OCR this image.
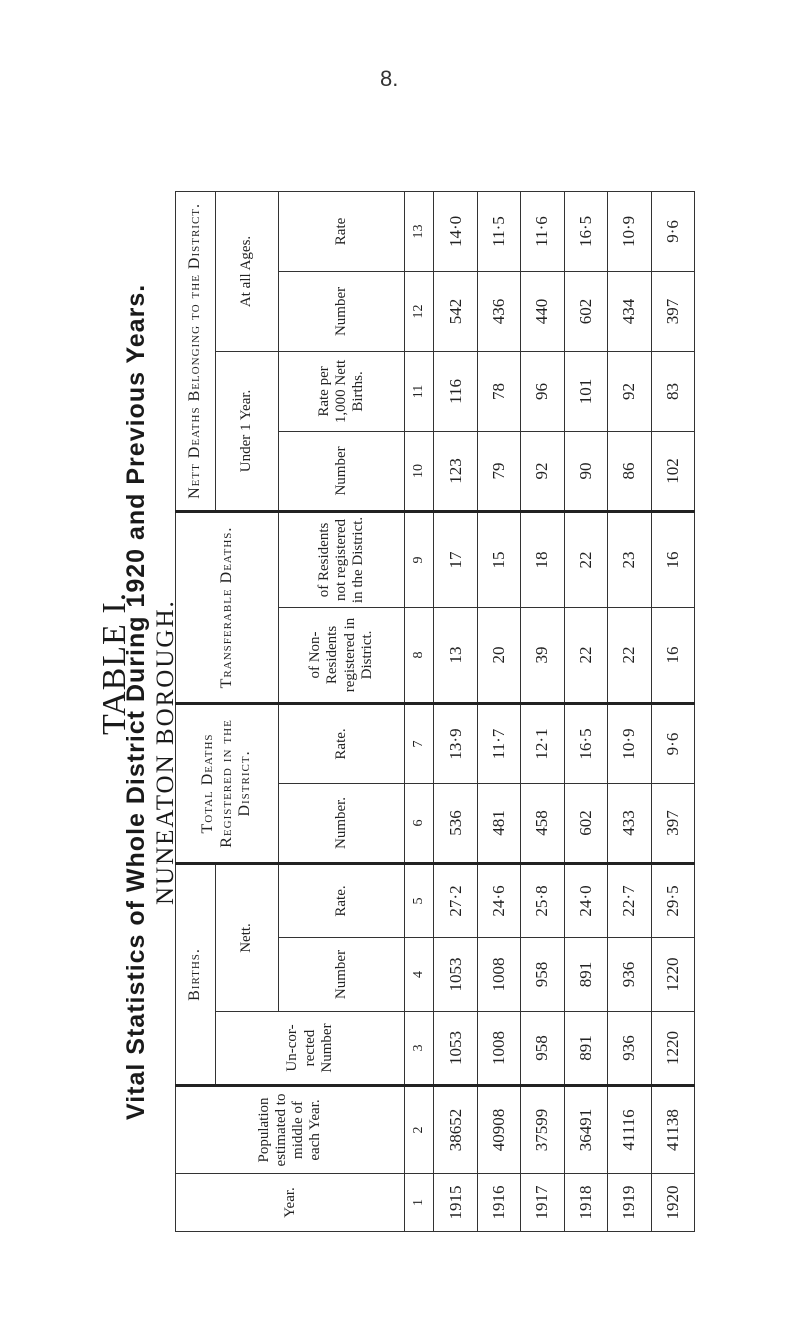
8.
TABLE I.
Vital Statistics of Whole District During 1920 and Previous Years. NUNEATON BOROUGH.
Year.	Population estimated to middle of each Year.	Births.			Total Deaths Registered in the District.		Transferable Deaths.		Nett Deaths Belonging to the District.			
		Un-cor-rected Number	Nett.						Under 1 Year.		At all Ages.	
			Number	Rate.	Number.	Rate.	of Non-Residents registered in District.	of Residents not registered in the District.	Number	Rate per 1,000 Nett Births.	Number	Rate
1	2	3	4	5	6	7	8	9	10	11	12	13
1915	38652	1053	1053	27·2	536	13·9	13	17	123	116	542	14·0
1916	40908	1008	1008	24·6	481	11·7	20	15	79	78	436	11·5
1917	37599	958	958	25·8	458	12·1	39	18	92	96	440	11·6
1918	36491	891	891	24·0	602	16·5	22	22	90	101	602	16·5
1919	41116	936	936	22·7	433	10·9	22	23	86	92	434	10·9
1920	41138	1220	1220	29·5	397	9·6	16	16	102	83	397	9·6
